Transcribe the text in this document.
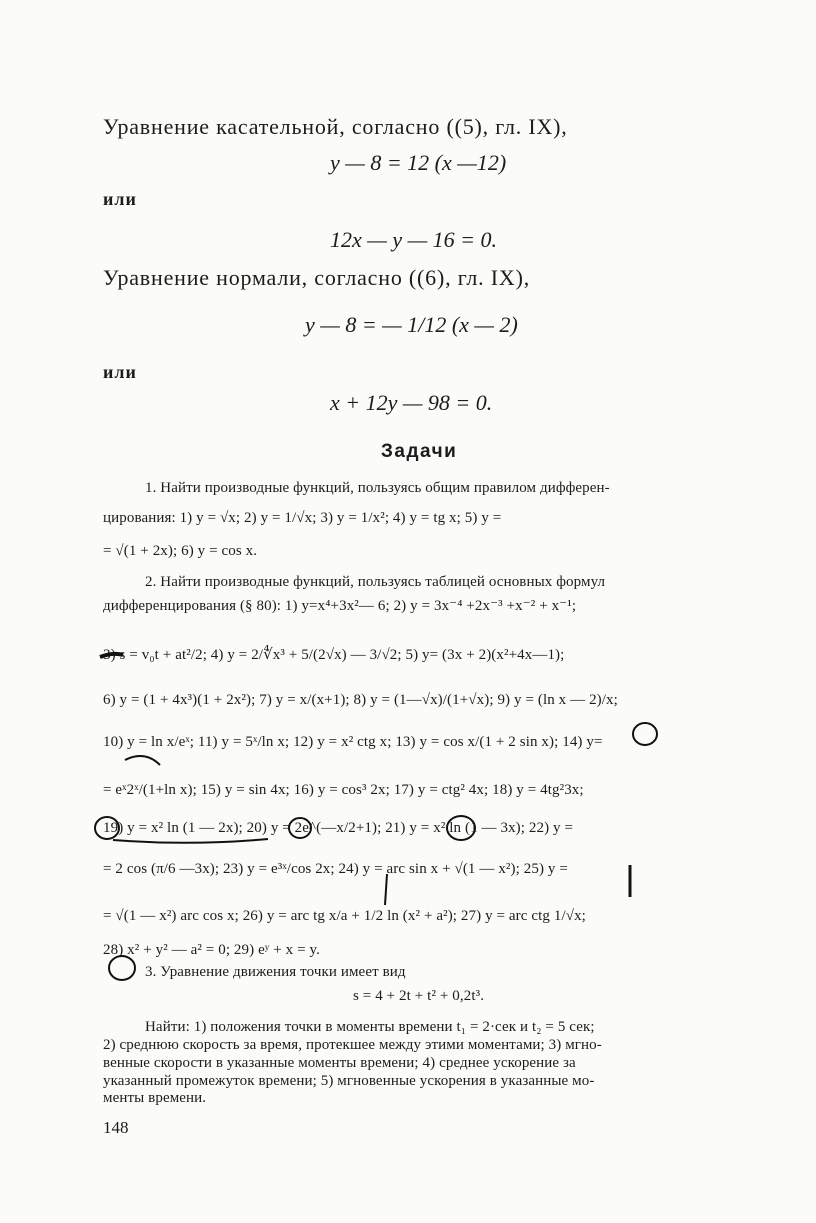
Уравнение касательной, согласно ((5), гл. IX),
y — 8 = 12 (x —12)
или
12x — y — 16 = 0.
Уравнение нормали, согласно ((6), гл. IX),
y — 8 = — 1/12 (x — 2)
или
x + 12y — 98 = 0.
Задачи
1. Найти производные функций, пользуясь общим правилом дифферен-
цирования: 1) y = √x; 2) y = 1/√x; 3) y = 1/x²; 4) y = tg x; 5) y =
= √(1 + 2x); 6) y = cos x.
2. Найти производные функций, пользуясь таблицей основных формул
дифференцирования (§ 80): 1) y=x⁴+3x²— 6; 2) y = 3x⁻⁴ +2x⁻³ +x⁻² + x⁻¹;
3) s = v₀t + at²/2; 4) y = 2/∜x³ + 5/(2√x) — 3/√2; 5) y= (3x + 2)(x²+4x—1);
6) y = (1 + 4x³)(1 + 2x²); 7) y = x/(x+1); 8) y = (1—√x)/(1+√x); 9) y = (ln x — 2)/x;
10) y = ln x/eˣ; 11) y = 5ˣ/ln x; 12) y = x² ctg x; 13) y = cos x/(1 + 2 sin x); 14) y=
= eˣ2ˣ/(1+ln x); 15) y = sin 4x; 16) y = cos³ 2x; 17) y = ctg² 4x; 18) y = 4tg²3x;
19) y = x² ln (1 — 2x); 20) y = 2e^(—x/2+1); 21) y = x² ln (1 — 3x); 22) y =
= 2 cos (π/6 —3x); 23) y = e³ˣ/cos 2x; 24) y = arc sin x + √(1 — x²); 25) y =
= √(1 — x²) arc cos x; 26) y = arc tg x/a + 1/2 ln (x² + a²); 27) y = arc ctg 1/√x;
28) x² + y² — a² = 0; 29) eʸ + x = y.
3. Уравнение движения точки имеет вид
s = 4 + 2t + t² + 0,2t³.
Найти: 1) положения точки в моменты времени t₁ = 2·сек и t₂ = 5 сек;
2) среднюю скорость за время, протекшее между этими моментами; 3) мгно-
венные скорости в указанные моменты времени; 4) среднее ускорение за
указанный промежуток времени; 5) мгновенные ускорения в указанные мо-
менты времени.
148
